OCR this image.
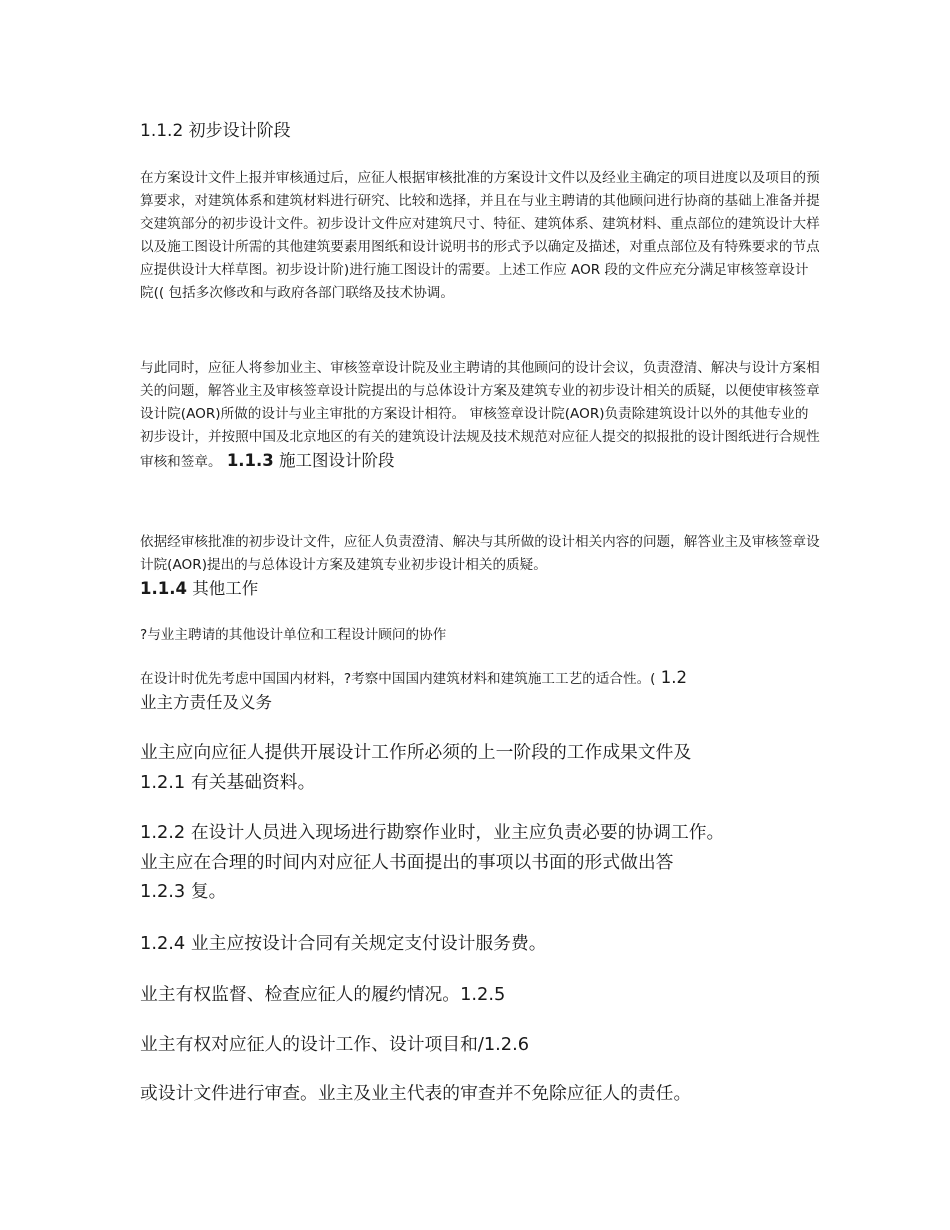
1.1.2 初步设计阶段

在方案设计文件上报并审核通过后，应征人根据审核批准的方案设计文件以及经业主确定的项目进度以及项目的预算要求，对建筑体系和建筑材料进行研究、比较和选择，并且在与业主聘请的其他顾问进行协商的基础上准备并提交建筑部分的初步设计文件。初步设计文件应对建筑尺寸、特征、建筑体系、建筑材料、重点部位的建筑设计大样以及施工图设计所需的其他建筑要素用图纸和设计说明书的形式予以确定及描述，对重点部位及有特殊要求的节点应提供设计大样草图。初步设计阶)进行施工图设计的需要。上述工作应 AOR 段的文件应充分满足审核签章设计院(( 包括多次修改和与政府各部门联络及技术协调。

与此同时，应征人将参加业主、审核签章设计院及业主聘请的其他顾问的设计会议，负责澄清、解决与设计方案相关的问题，解答业主及审核签章设计院提出的与总体设计方案及建筑专业的初步设计相关的质疑，以便使审核签章设计院(AOR)所做的设计与业主审批的方案设计相符。 审核签章设计院(AOR)负责除建筑设计以外的其他专业的初步设计，并按照中国及北京地区的有关的建筑设计法规及技术规范对应征人提交的拟报批的设计图纸进行合规性审核和签章。 1.1.3 施工图设计阶段

依据经审核批准的初步设计文件，应征人负责澄清、解决与其所做的设计相关内容的问题，解答业主及审核签章设计院(AOR)提出的与总体设计方案及建筑专业初步设计相关的质疑。
1.1.4 其他工作

?与业主聘请的其他设计单位和工程设计顾问的协作

在设计时优先考虑中国国内材料，?考察中国国内建筑材料和建筑施工工艺的适合性。( 1.2
业主方责任及义务

业主应向应征人提供开展设计工作所必须的上一阶段的工作成果文件及
1.2.1 有关基础资料。

1.2.2 在设计人员进入现场进行勘察作业时，业主应负责必要的协调工作。
业主应在合理的时间内对应征人书面提出的事项以书面的形式做出答
1.2.3 复。

1.2.4 业主应按设计合同有关规定支付设计服务费。

业主有权监督、检查应征人的履约情况。1.2.5

业主有权对应征人的设计工作、设计项目和/1.2.6

或设计文件进行审查。业主及业主代表的审查并不免除应征人的责任。
